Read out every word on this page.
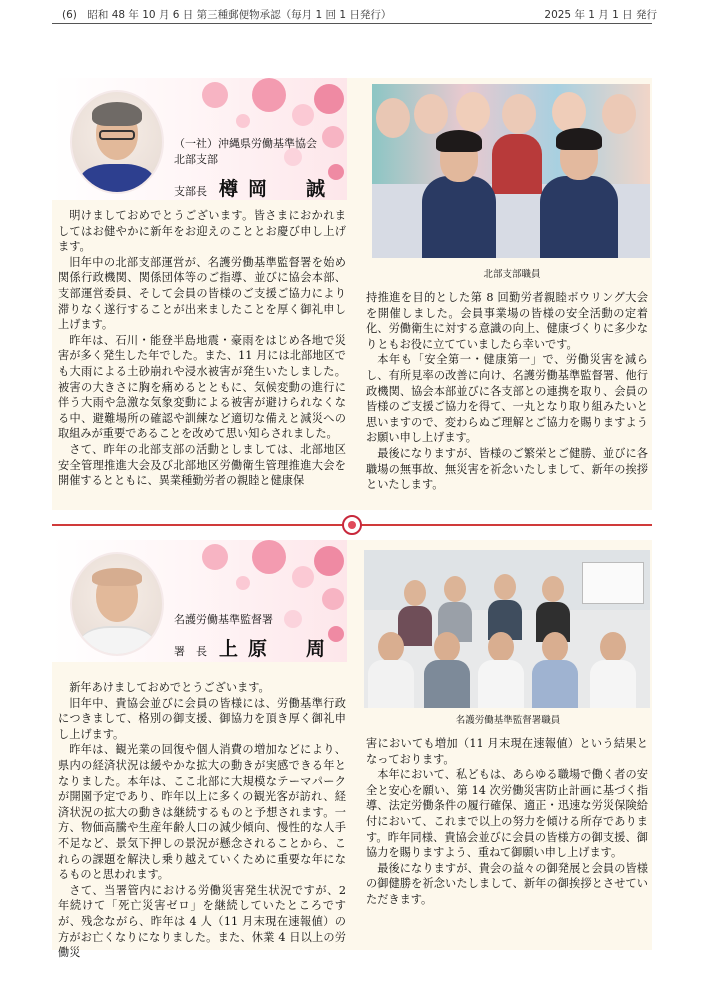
(6)　昭和 48 年 10 月 6 日 第三種郵便物承認（毎月 1 回 1 日発行）	2025 年 1 月 1 日 発行
（一社）沖縄県労働基準協会
北部支部
支部長 樽岡　誠
北部支部職員

明けましておめでとうございます。皆さまにおかれましてはお健やかに新年をお迎えのこととお慶び申し上げます。

旧年中の北部支部運営が、名護労働基準監督署を始め関係行政機関、関係団体等のご指導、並びに協会本部、支部運営委員、そして会員の皆様のご支援ご協力により滞りなく遂行することが出来ましたことを厚く御礼申し上げます。

昨年は、石川・能登半島地震・豪雨をはじめ各地で災害が多く発生した年でした。また、11 月には北部地区でも大雨による土砂崩れや浸水被害が発生いたしました。被害の大きさに胸を痛めるとともに、気候変動の進行に伴う大雨や急激な気象変動による被害が避けられなくなる中、避難場所の確認や訓練など適切な備えと減災への取組みが重要であることを改めて思い知らされました。

さて、昨年の北部支部の活動としましては、北部地区安全管理推進大会及び北部地区労働衛生管理推進大会を開催するとともに、異業種勤労者の親睦と健康保

持推進を目的とした第 8 回勤労者親睦ボウリング大会を開催しました。会員事業場の皆様の安全活動の定着化、労働衛生に対する意識の向上、健康づくりに多少なりともお役に立てていましたら幸いです。

本年も「安全第一・健康第一」で、労働災害を減らし、有所見率の改善に向け、名護労働基準監督署、他行政機関、協会本部並びに各支部との連携を取り、会員の皆様のご支援ご協力を得て、一丸となり取り組みたいと思いますので、変わらぬご理解とご協力を賜りますようお願い申し上げます。

最後になりますが、皆様のご繁栄とご健勝、並びに各職場の無事故、無災害を祈念いたしまして、新年の挨拶といたします。

名護労働基準監督署
署　長 上原　周
名護労働基準監督署職員

新年あけましておめでとうございます。

旧年中、貴協会並びに会員の皆様には、労働基準行政につきまして、格別の御支援、御協力を頂き厚く御礼申し上げます。

昨年は、観光業の回復や個人消費の増加などにより、県内の経済状況は緩やかな拡大の動きが実感できる年となりました。本年は、ここ北部に大規模なテーマパークが開園予定であり、昨年以上に多くの観光客が訪れ、経済状況の拡大の動きは継続するものと予想されます。一方、物価高騰や生産年齢人口の減少傾向、慢性的な人手不足など、景気下押しの景況が懸念されることから、これらの課題を解決し乗り越えていくために重要な年になるものと思われます。

さて、当署管内における労働災害発生状況ですが、2 年続けて「死亡災害ゼロ」を継続していたところですが、残念ながら、昨年は 4 人（11 月末現在速報値）の方がお亡くなりになりました。また、休業 4 日以上の労働災

害においても増加（11 月末現在速報値）という結果となっております。

本年において、私どもは、あらゆる職場で働く者の安全と安心を願い、第 14 次労働災害防止計画に基づく指導、法定労働条件の履行確保、適正・迅速な労災保険給付において、これまで以上の努力を傾ける所存であります。昨年同様、貴協会並びに会員の皆様方の御支援、御協力を賜りますよう、重ねて御願い申し上げます。

最後になりますが、貴会の益々の御発展と会員の皆様の御健勝を祈念いたしまして、新年の御挨拶とさせていただきます。
